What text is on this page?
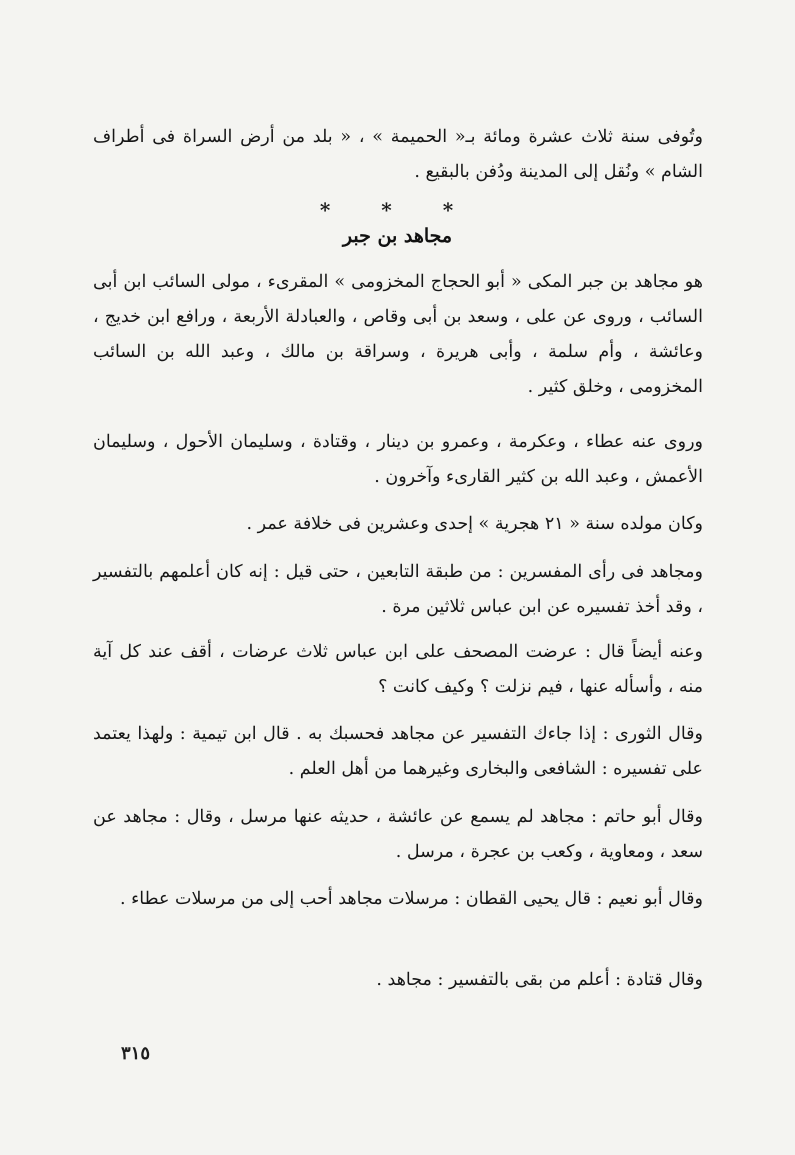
وتُوفى سنة ثلاث عشرة ومائة بـ« الحميمة » ، « بلد من أرض السراة فى أطراف الشام » ونُقل إلى المدينة ودُفن بالبقيع .

* * *
مجاهد بن جبر

هو مجاهد بن جبر المكى « أبو الحجاج المخزومى » المقرىء ، مولى السائب ابن أبى السائب ، وروى عن على ، وسعد بن أبى وقاص ، والعبادلة الأربعة ، ورافع ابن خديج ، وعائشة ، وأم سلمة ، وأبى هريرة ، وسراقة بن مالك ، وعبد الله بن السائب المخزومى ، وخلق كثير .

وروى عنه عطاء ، وعكرمة ، وعمرو بن دينار ، وقتادة ، وسليمان الأحول ، وسليمان الأعمش ، وعبد الله بن كثير القارىء وآخرون .

وكان مولده سنة « ٢١ هجرية » إحدى وعشرين فى خلافة عمر .

ومجاهد فى رأى المفسرين : من طبقة التابعين ، حتى قيل : إنه كان أعلمهم بالتفسير ، وقد أخذ تفسيره عن ابن عباس ثلاثين مرة .

وعنه أيضاً قال : عرضت المصحف على ابن عباس ثلاث عرضات ، أقف عند كل آية منه ، وأسأله عنها ، فيم نزلت ؟ وكيف كانت ؟

وقال الثورى : إذا جاءك التفسير عن مجاهد فحسبك به . قال ابن تيمية : ولهذا يعتمد على تفسيره : الشافعى والبخارى وغيرهما من أهل العلم .

وقال أبو حاتم : مجاهد لم يسمع عن عائشة ، حديثه عنها مرسل ، وقال : مجاهد عن سعد ، ومعاوية ، وكعب بن عجرة ، مرسل .

وقال أبو نعيم : قال يحيى القطان : مرسلات مجاهد أحب إلى من مرسلات عطاء .

وقال قتادة : أعلم من بقى بالتفسير : مجاهد .

٣١٥
